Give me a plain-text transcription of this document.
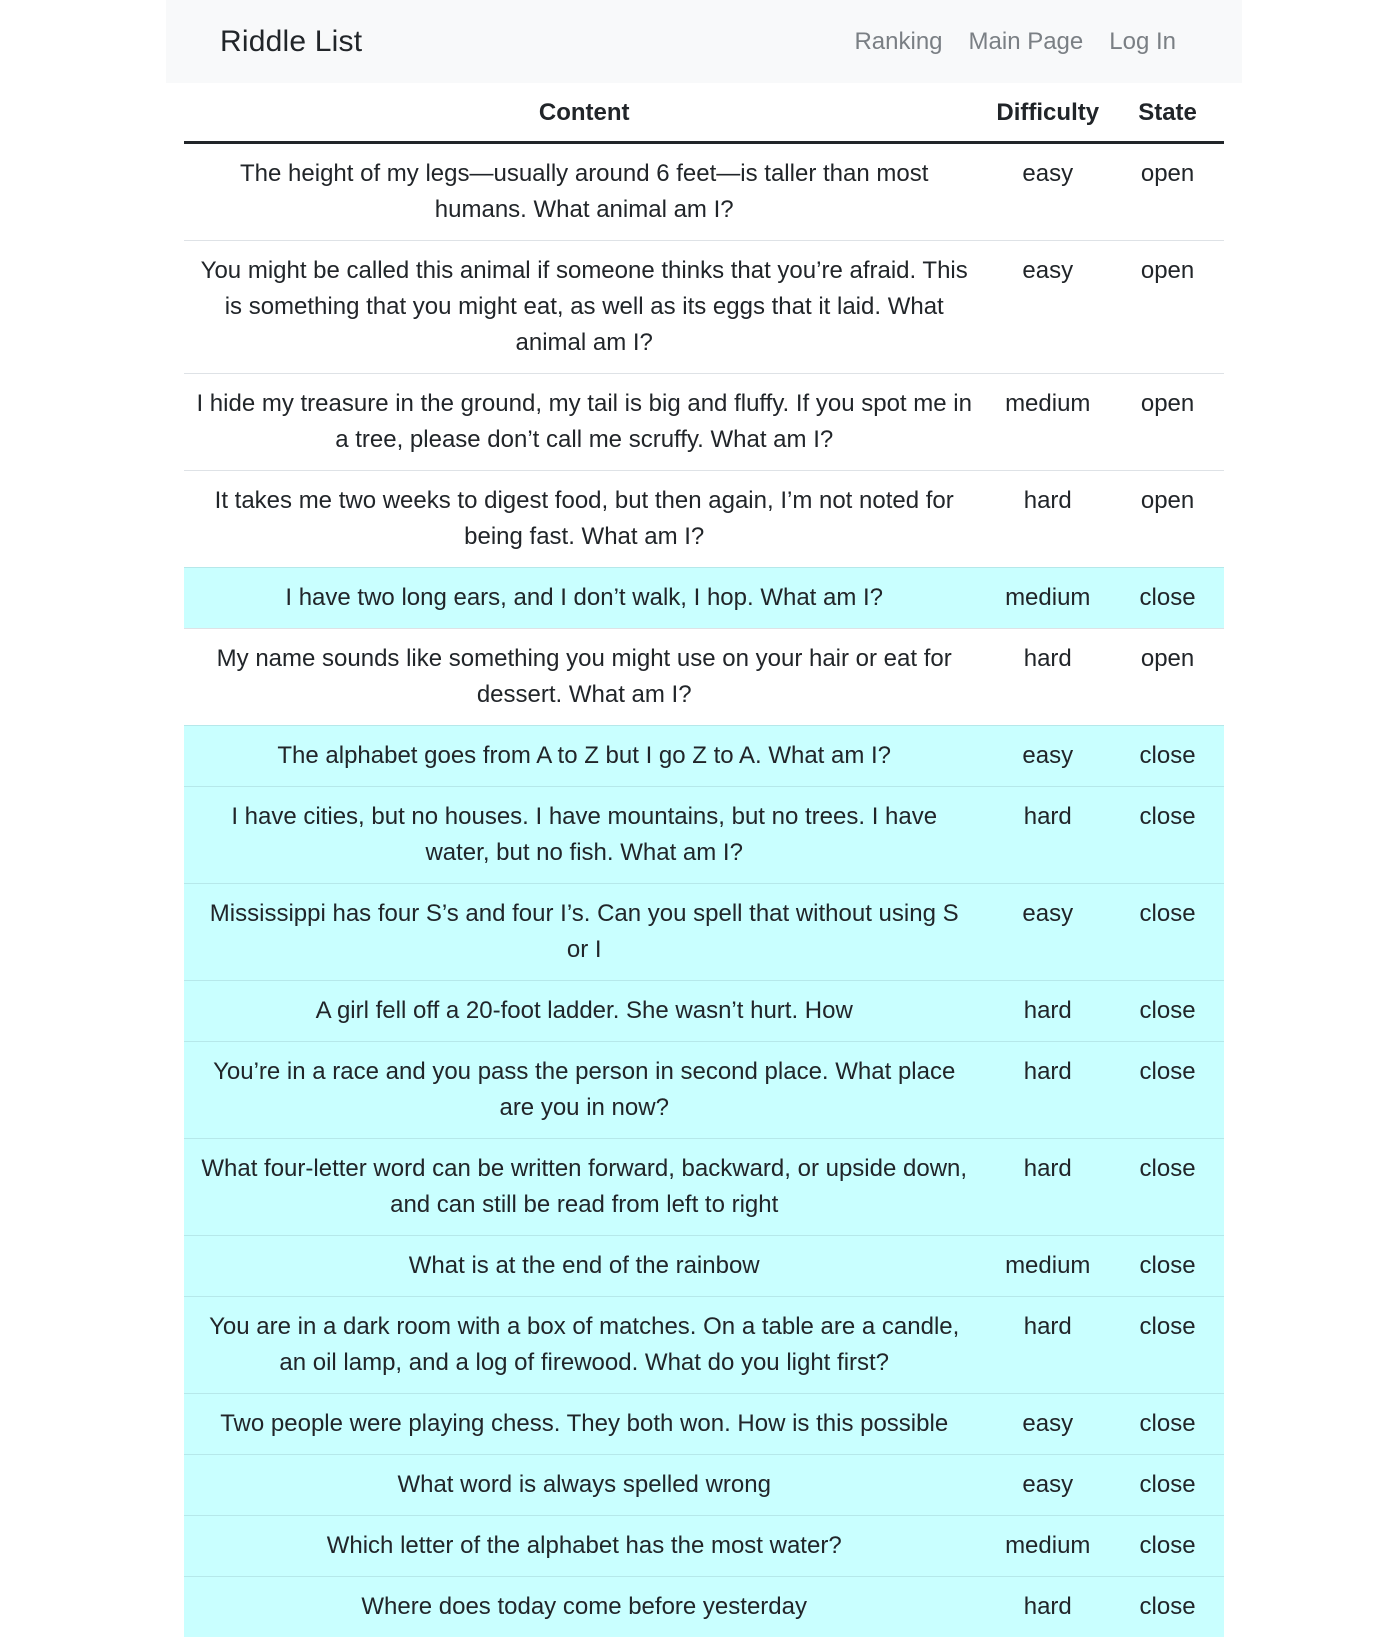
Riddle List	Ranking Main Page Log In
Content	Difficulty	State
The height of my legs—usually around 6 feet—is taller than most humans. What animal am I?	easy	open
You might be called this animal if someone thinks that you’re afraid. This is something that you might eat, as well as its eggs that it laid. What animal am I?	easy	open
I hide my treasure in the ground, my tail is big and fluffy. If you spot me in a tree, please don’t call me scruffy. What am I?	medium	open
It takes me two weeks to digest food, but then again, I’m not noted for being fast. What am I?	hard	open
I have two long ears, and I don’t walk, I hop. What am I?	medium	close
My name sounds like something you might use on your hair or eat for dessert. What am I?	hard	open
The alphabet goes from A to Z but I go Z to A. What am I?	easy	close
I have cities, but no houses. I have mountains, but no trees. I have water, but no fish. What am I?	hard	close
Mississippi has four S’s and four I’s. Can you spell that without using S or I	easy	close
A girl fell off a 20-foot ladder. She wasn’t hurt. How	hard	close
You’re in a race and you pass the person in second place. What place are you in now?	hard	close
What four-letter word can be written forward, backward, or upside down, and can still be read from left to right	hard	close
What is at the end of the rainbow	medium	close
You are in a dark room with a box of matches. On a table are a candle, an oil lamp, and a log of firewood. What do you light first?	hard	close
Two people were playing chess. They both won. How is this possible	easy	close
What word is always spelled wrong	easy	close
Which letter of the alphabet has the most water?	medium	close
Where does today come before yesterday	hard	close
